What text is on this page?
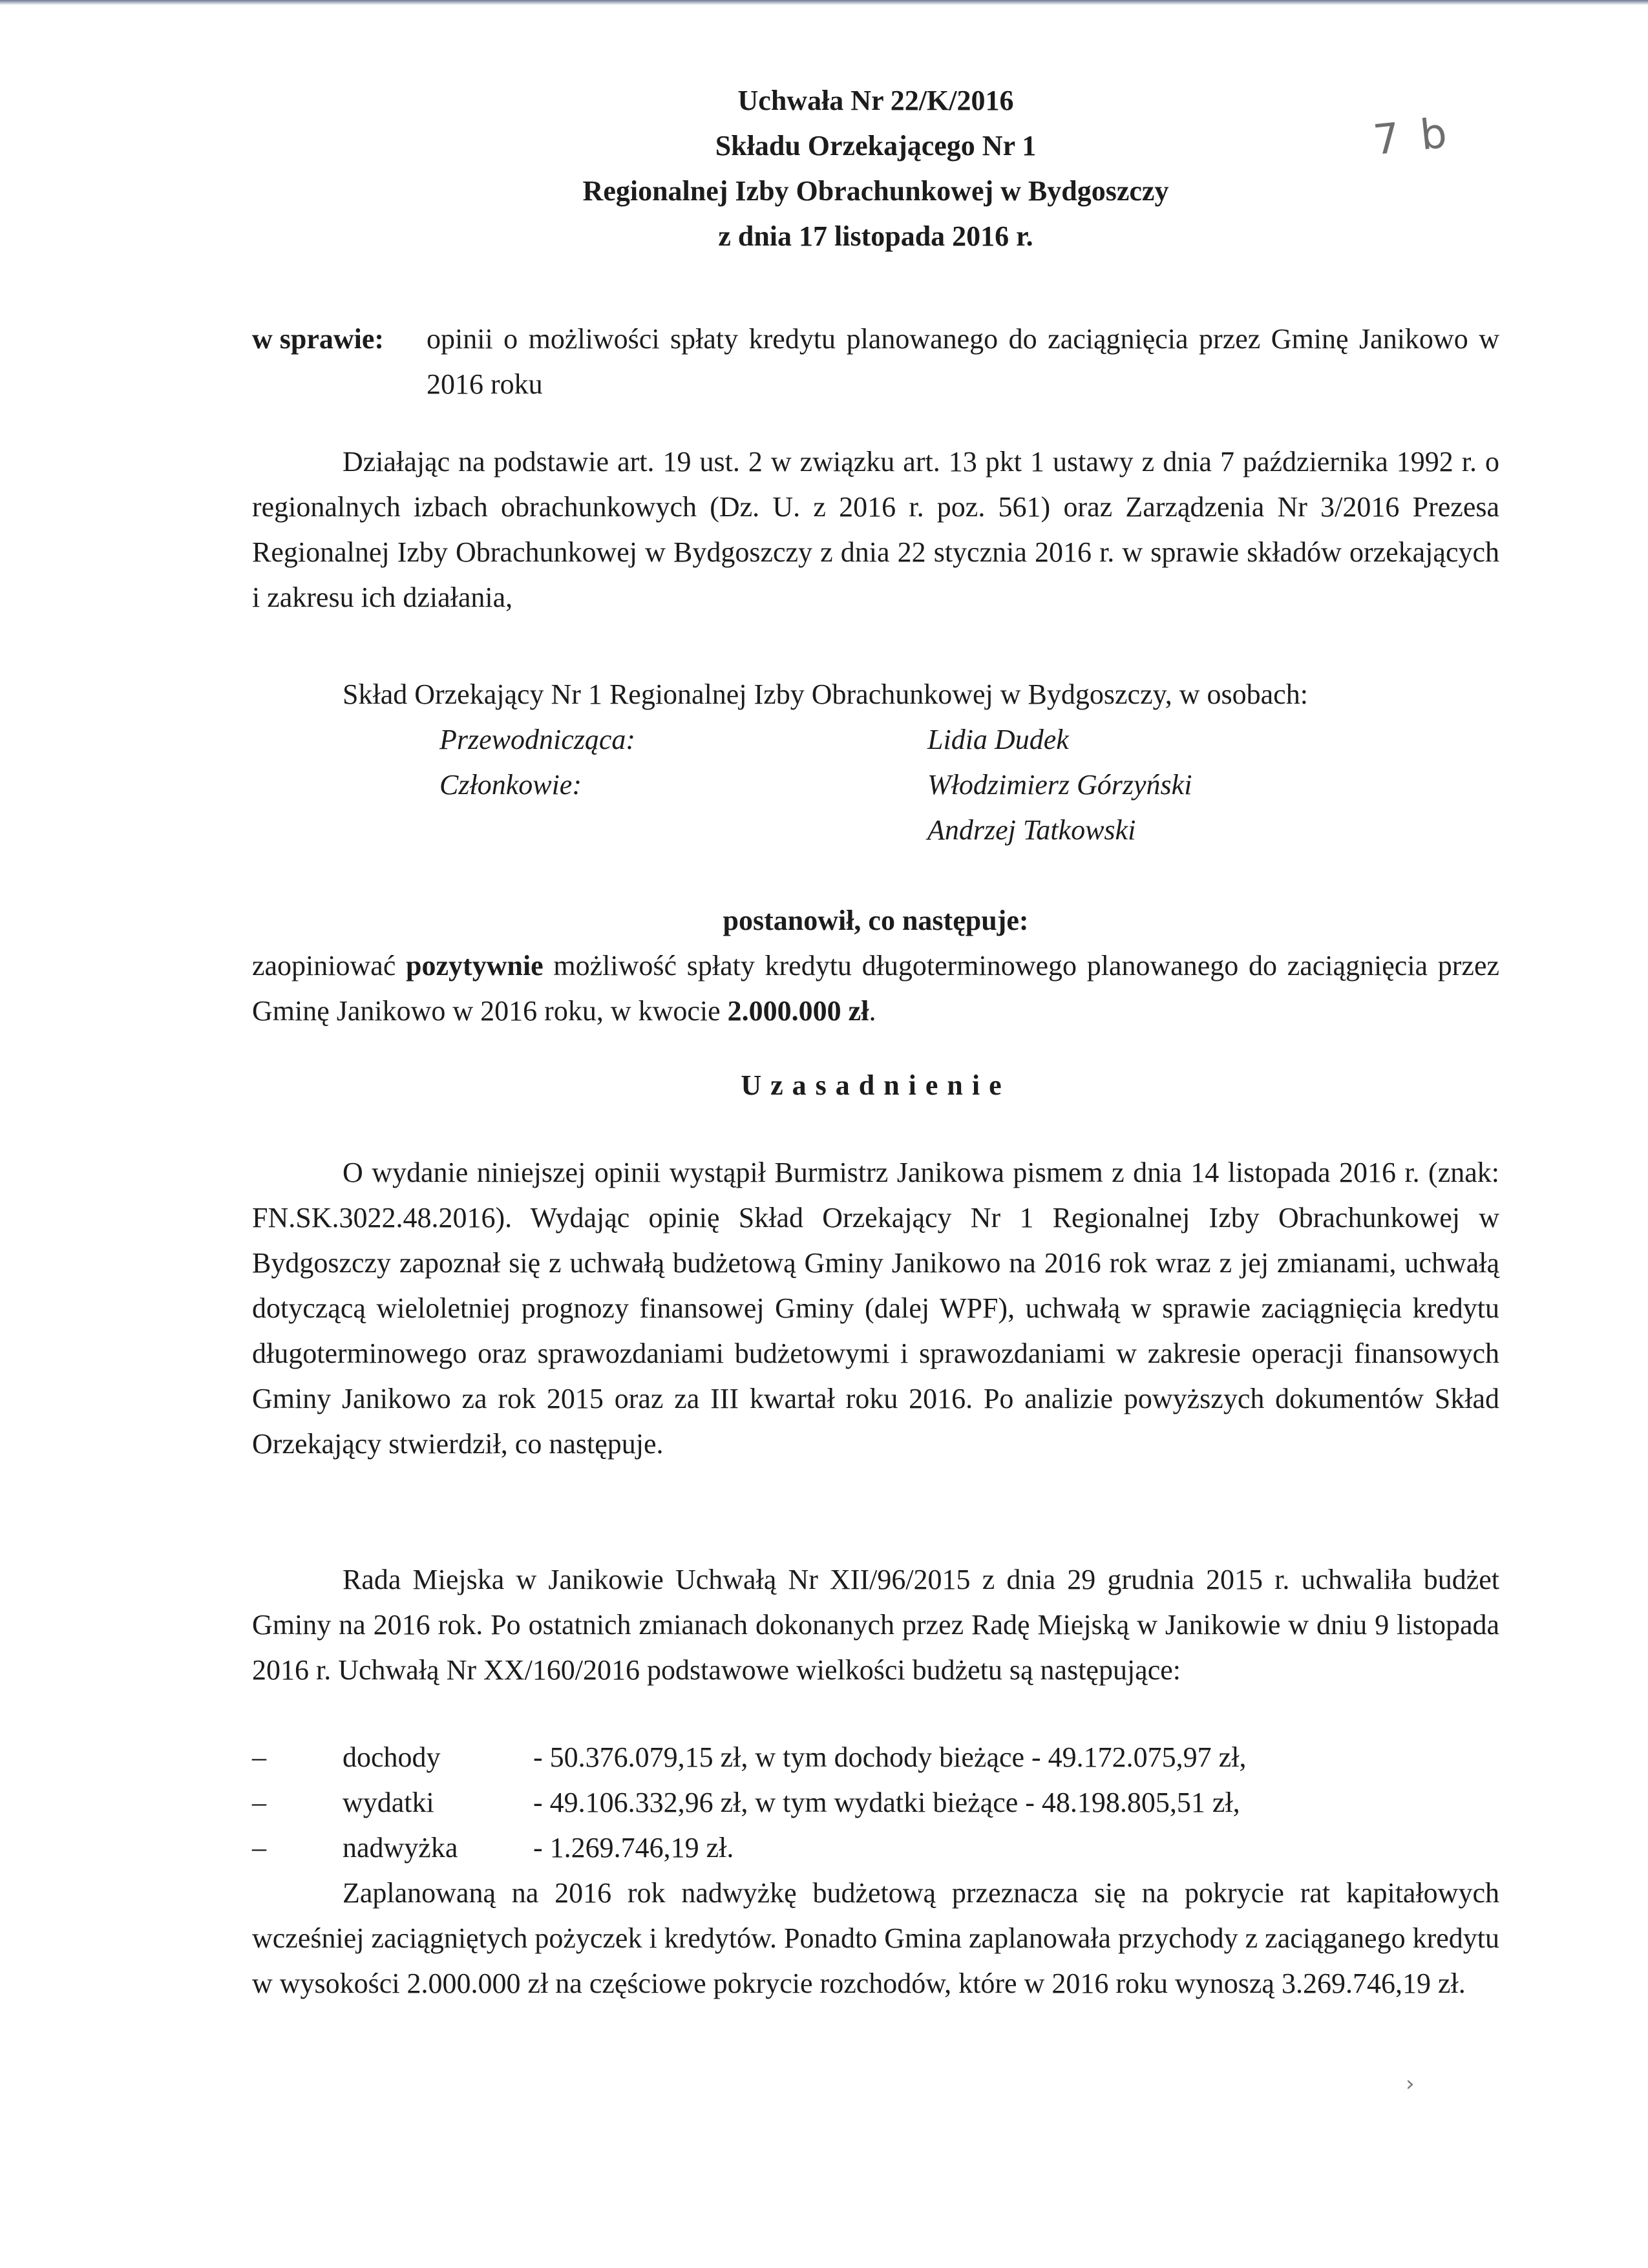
7 b
›

Uchwała Nr 22/K/2016

Składu Orzekającego Nr 1

Regionalnej Izby Obrachunkowej w Bydgoszczy

z dnia 17 listopada 2016 r.

w sprawie: opinii o możliwości spłaty kredytu planowanego do zaciągnięcia przez Gminę Janikowo w 2016 roku

Działając na podstawie art. 19 ust. 2 w związku art. 13 pkt 1 ustawy z dnia 7 października 1992 r. o regionalnych izbach obrachunkowych (Dz. U. z 2016 r. poz. 561) oraz Zarządzenia Nr 3/2016 Prezesa Regionalnej Izby Obrachunkowej w Bydgoszczy z dnia 22 stycznia 2016 r. w sprawie składów orzekających i zakresu ich działania,

Skład Orzekający Nr 1 Regionalnej Izby Obrachunkowej w Bydgoszczy, w osobach:

Przewodnicząca:	Lidia Dudek
Członkowie:	Włodzimierz Górzyński
Andrzej Tatkowski
postanowił, co następuje:

zaopiniować pozytywnie możliwość spłaty kredytu długoterminowego planowanego do zaciągnięcia przez Gminę Janikowo w 2016 roku, w kwocie 2.000.000 zł.

Uzasadnienie

O wydanie niniejszej opinii wystąpił Burmistrz Janikowa pismem z dnia 14 listopada 2016 r. (znak: FN.SK.3022.48.2016). Wydając opinię Skład Orzekający Nr 1 Regionalnej Izby Obrachunkowej w Bydgoszczy zapoznał się z uchwałą budżetową Gminy Janikowo na 2016 rok wraz z jej zmianami, uchwałą dotyczącą wieloletniej prognozy finansowej Gminy (dalej WPF), uchwałą w sprawie zaciągnięcia kredytu długoterminowego oraz sprawozdaniami budżetowymi i sprawozdaniami w zakresie operacji finansowych Gminy Janikowo za rok 2015 oraz za III kwartał roku 2016. Po analizie powyższych dokumentów Skład Orzekający stwierdził, co następuje.

Rada Miejska w Janikowie Uchwałą Nr XII/96/2015 z dnia 29 grudnia 2015 r. uchwaliła budżet Gminy na 2016 rok. Po ostatnich zmianach dokonanych przez Radę Miejską w Janikowie w dniu 9 listopada 2016 r. Uchwałą Nr XX/160/2016 podstawowe wielkości budżetu są następujące:

–	dochody	- 50.376.079,15 zł, w tym dochody bieżące - 49.172.075,97 zł,
–	wydatki	- 49.106.332,96 zł, w tym wydatki bieżące - 48.198.805,51 zł,
–	nadwyżka	- 1.269.746,19 zł.

Zaplanowaną na 2016 rok nadwyżkę budżetową przeznacza się na pokrycie rat kapitałowych wcześniej zaciągniętych pożyczek i kredytów. Ponadto Gmina zaplanowała przychody z zaciąganego kredytu w wysokości 2.000.000 zł na częściowe pokrycie rozchodów, które w 2016 roku wynoszą 3.269.746,19 zł.
